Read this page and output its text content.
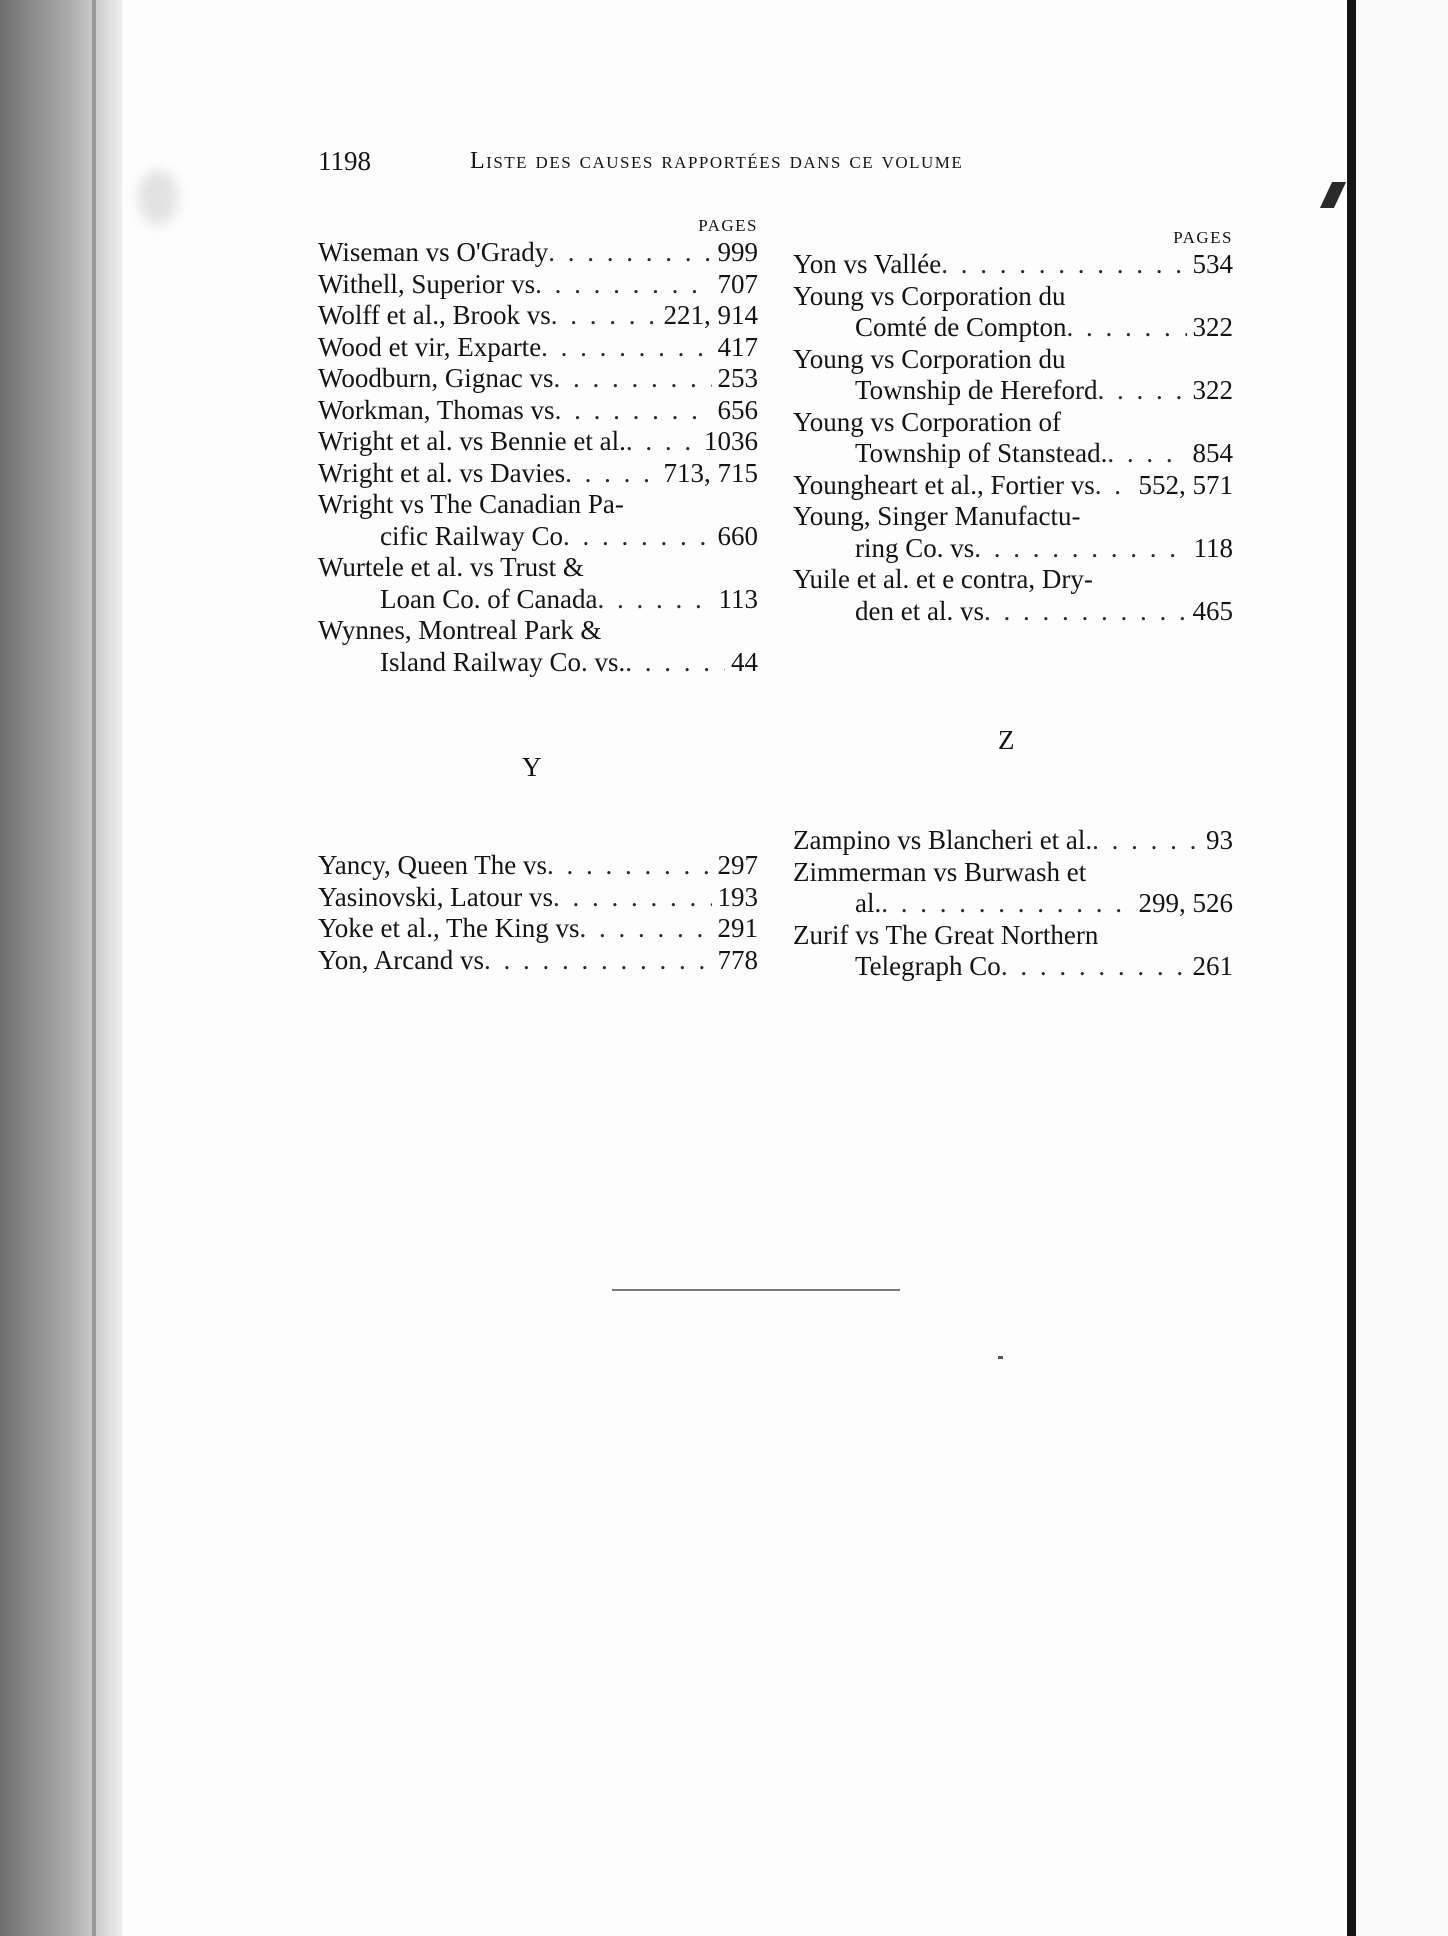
1198	Liste des causes rapportées dans ce volume
PAGES
Wiseman vs O'Grady . . .	999
Withell, Superior vs . . .	707
Wolff et al., Brook vs . . .	221, 914
Wood et vir, Exparte . . .	417
Woodburn, Gignac vs . . .	253
Workman, Thomas vs . . .	656
Wright et al. vs Bennie et al. . . .	1036
Wright et al. vs Davies . . .	713, 715
Wright vs The Canadian Pa-
cific Railway Co . . .	660
Wurtele et al. vs Trust &
Loan Co. of Canada . . .	113
Wynnes, Montreal Park &
Island Railway Co. vs. . . .	44
PAGES
Yon vs Vallée . . .	534
Young vs Corporation du
Comté de Compton . . .	322
Young vs Corporation du
Township de Hereford . . .	322
Young vs Corporation of
Township of Stanstead. . . .	854
Youngheart et al., Fortier vs . . . 552, 571
Young, Singer Manufactu-
ring Co. vs . . .	118
Yuile et al. et e contra, Dry-
den et al. vs . . .	465
Y
Z
Yancy, Queen The vs . . .	297
Yasinovski, Latour vs . . .	193
Yoke et al., The King vs . . .	291
Yon, Arcand vs . . .	778
Zampino vs Blancheri et al. . . .	93
Zimmerman vs Burwash et
al. . . .	299, 526
Zurif vs The Great Northern
Telegraph Co . . .	261
